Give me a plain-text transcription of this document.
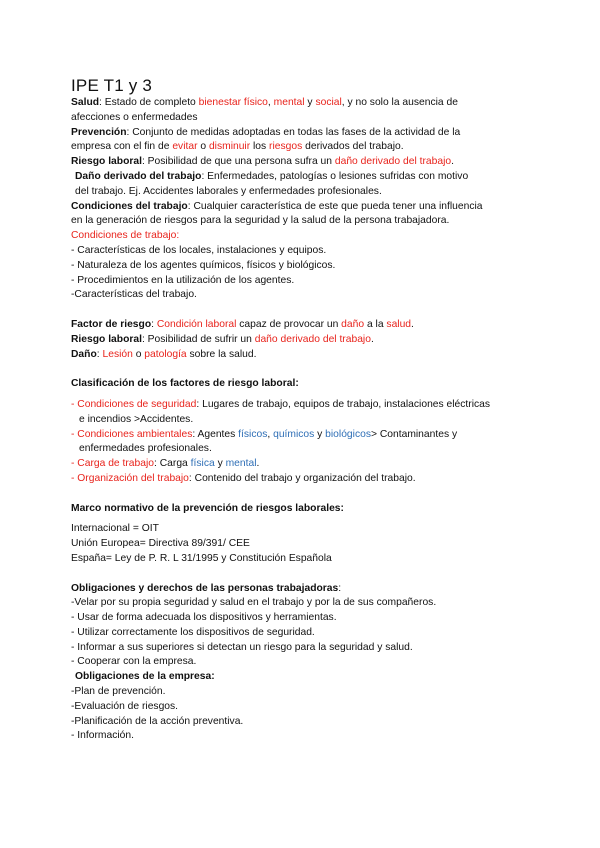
IPE T1 y 3

Salud: Estado de completo bienestar físico, mental y social, y no solo la ausencia de

afecciones o enfermedades

Prevención: Conjunto de medidas adoptadas en todas las fases de la actividad de la

empresa con el fin de evitar o disminuir los riesgos derivados del trabajo.

Riesgo laboral: Posibilidad de que una persona sufra un daño derivado del trabajo.

Daño derivado del trabajo: Enfermedades, patologías o lesiones sufridas con motivo

del trabajo. Ej. Accidentes laborales y enfermedades profesionales.

Condiciones del trabajo: Cualquier característica de este que pueda tener una influencia

en la generación de riesgos para la seguridad y la salud de la persona trabajadora.

Condiciones de trabajo:

- Características de los locales, instalaciones y equipos.

- Naturaleza de los agentes químicos, físicos y biológicos.

- Procedimientos en la utilización de los agentes.

-Características del trabajo.

Factor de riesgo: Condición laboral capaz de provocar un daño a la salud.

Riesgo laboral: Posibilidad de sufrir un daño derivado del trabajo.

Daño: Lesión o patología sobre la salud.

Clasificación de los factores de riesgo laboral:

- Condiciones de seguridad: Lugares de trabajo, equipos de trabajo, instalaciones eléctricas

e incendios >Accidentes.

- Condiciones ambientales: Agentes físicos, químicos y biológicos> Contaminantes y

enfermedades profesionales.

- Carga de trabajo: Carga física y mental.

- Organización del trabajo: Contenido del trabajo y organización del trabajo.

Marco normativo de la prevención de riesgos laborales:

Internacional = OIT

Unión Europea= Directiva 89/391/ CEE

España= Ley de P. R. L 31/1995 y Constitución Española

Obligaciones y derechos de las personas trabajadoras:

-Velar por su propia seguridad y salud en el trabajo y por la de sus compañeros.

- Usar de forma adecuada los dispositivos y herramientas.

- Utilizar correctamente los dispositivos de seguridad.

- Informar a sus superiores si detectan un riesgo para la seguridad y salud.

- Cooperar con la empresa.

Obligaciones de la empresa:

-Plan de prevención.

-Evaluación de riesgos.

-Planificación de la acción preventiva.

- Información.
